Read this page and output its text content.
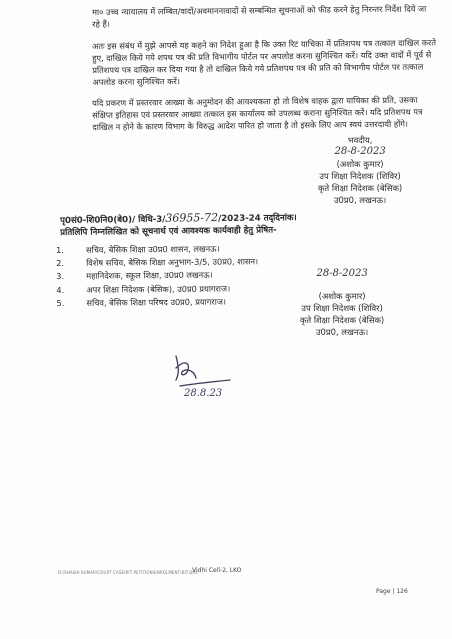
मा० उच्च न्यायालय में लम्बित/वादों/अवमाननावादों से सम्बन्धित सूचनाओं को फीड करने हेतु निरन्तर निर्देश दिये जा रहे हैं।
अतः इस संबंध में मुझे आपसे यह कहने का निदेश हुआ है कि उक्त रिट याचिका में प्रतिशपथ पत्र तत्काल दाखिल करते हुए, दाखिल किये गये शपथ पत्र की प्रति विभागीय पोर्टल पर अपलोड करना सुनिश्चित करें। यदि उक्त वादों में पूर्व से प्रतिशपथ पत्र दाखिल कर दिया गया है तो दाखिल किये गये प्रतिशपथ पत्र की प्रति को विभागीय पोर्टल पर तत्काल अपलोड करना सुनिश्चित करें।
यदि प्रकरण में प्रस्तरवार आख्या के अनुमोदन की आवश्यकता हो तो विशेष वाहक द्वारा याचिका की प्रति, उसका संक्षिप्त इतिहास एवं प्रस्तरवार आख्या तत्काल इस कार्यालय को उपलब्ध कराना सुनिश्चित करें। यदि प्रतिशपथ पत्र दाखिल न होने के कारण विभाग के विरुद्ध आदेश पारित हो जाता है तो इसके लिए आप स्वयं उत्तरदायी होंगे।
भवदीय,
28-8-2023
(अशोक कुमार)
उप शिक्षा निदेशक (शिविर)
कृते शिक्षा निदेशक (बेसिक)
उ0प्र0, लखनऊ।
पृ0सं0-शि0नि0(बे0)/ विधि-3/36955-72/2023-24 तद्‌दिनांक।
प्रतिलिपि निम्नलिखित को सूचनार्थ एवं आवश्यक कार्यवाही हेतु प्रेषित-
1.	सचिव, बेसिक शिक्षा उ0प्र0 शासन, लखनऊ।
2.	विशेष सचिव, बेसिक शिक्षा अनुभाग-3/5, उ0प्र0, शासन।
3.	महानिदेशक, स्कूल शिक्षा, उ0प्र0 लखनऊ।
4.	अपर शिक्षा निदेशक (बेसिक), उ0प्र0 प्रयागराज।
5.	सचिव, बेसिक शिक्षा परिषद उ0प्र0, प्रयागराज।
28-8-2023
(अशोक कुमार)
उप शिक्षा निदेशक (शिविर)
कृते शिक्षा निदेशक (बेसिक)
उ0प्र0, लखनऊ।
28.8.23
D:\SHASHI KUMAR\COURT CASE\RIT PETITION\ENROLMENT\RIT.DOC
Vidhi Cell-2, LKO
Page | 126
